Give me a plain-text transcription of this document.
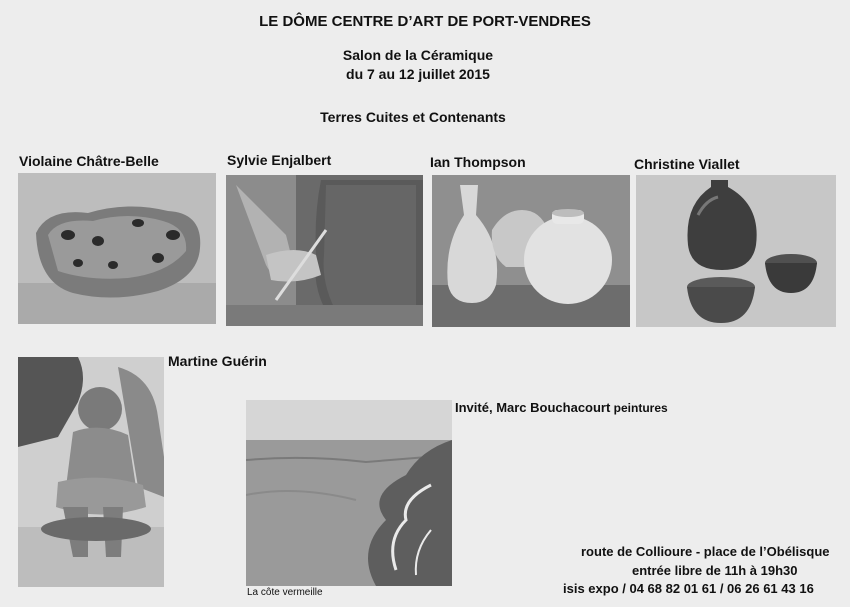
LE DÔME CENTRE D’ART DE PORT-VENDRES
Salon de la Céramique
du 7 au 12 juillet 2015
Terres Cuites et Contenants
Violaine Châtre-Belle	Sylvie Enjalbert	Ian Thompson	Christine Viallet
Martine Guérin
Invité, Marc Bouchacourt peintures
La côte vermeille
route de Collioure - place de l’Obélisque
entrée libre de 11h à 19h30
isis expo / 04 68 82 01 61 / 06 26 61 43 16
